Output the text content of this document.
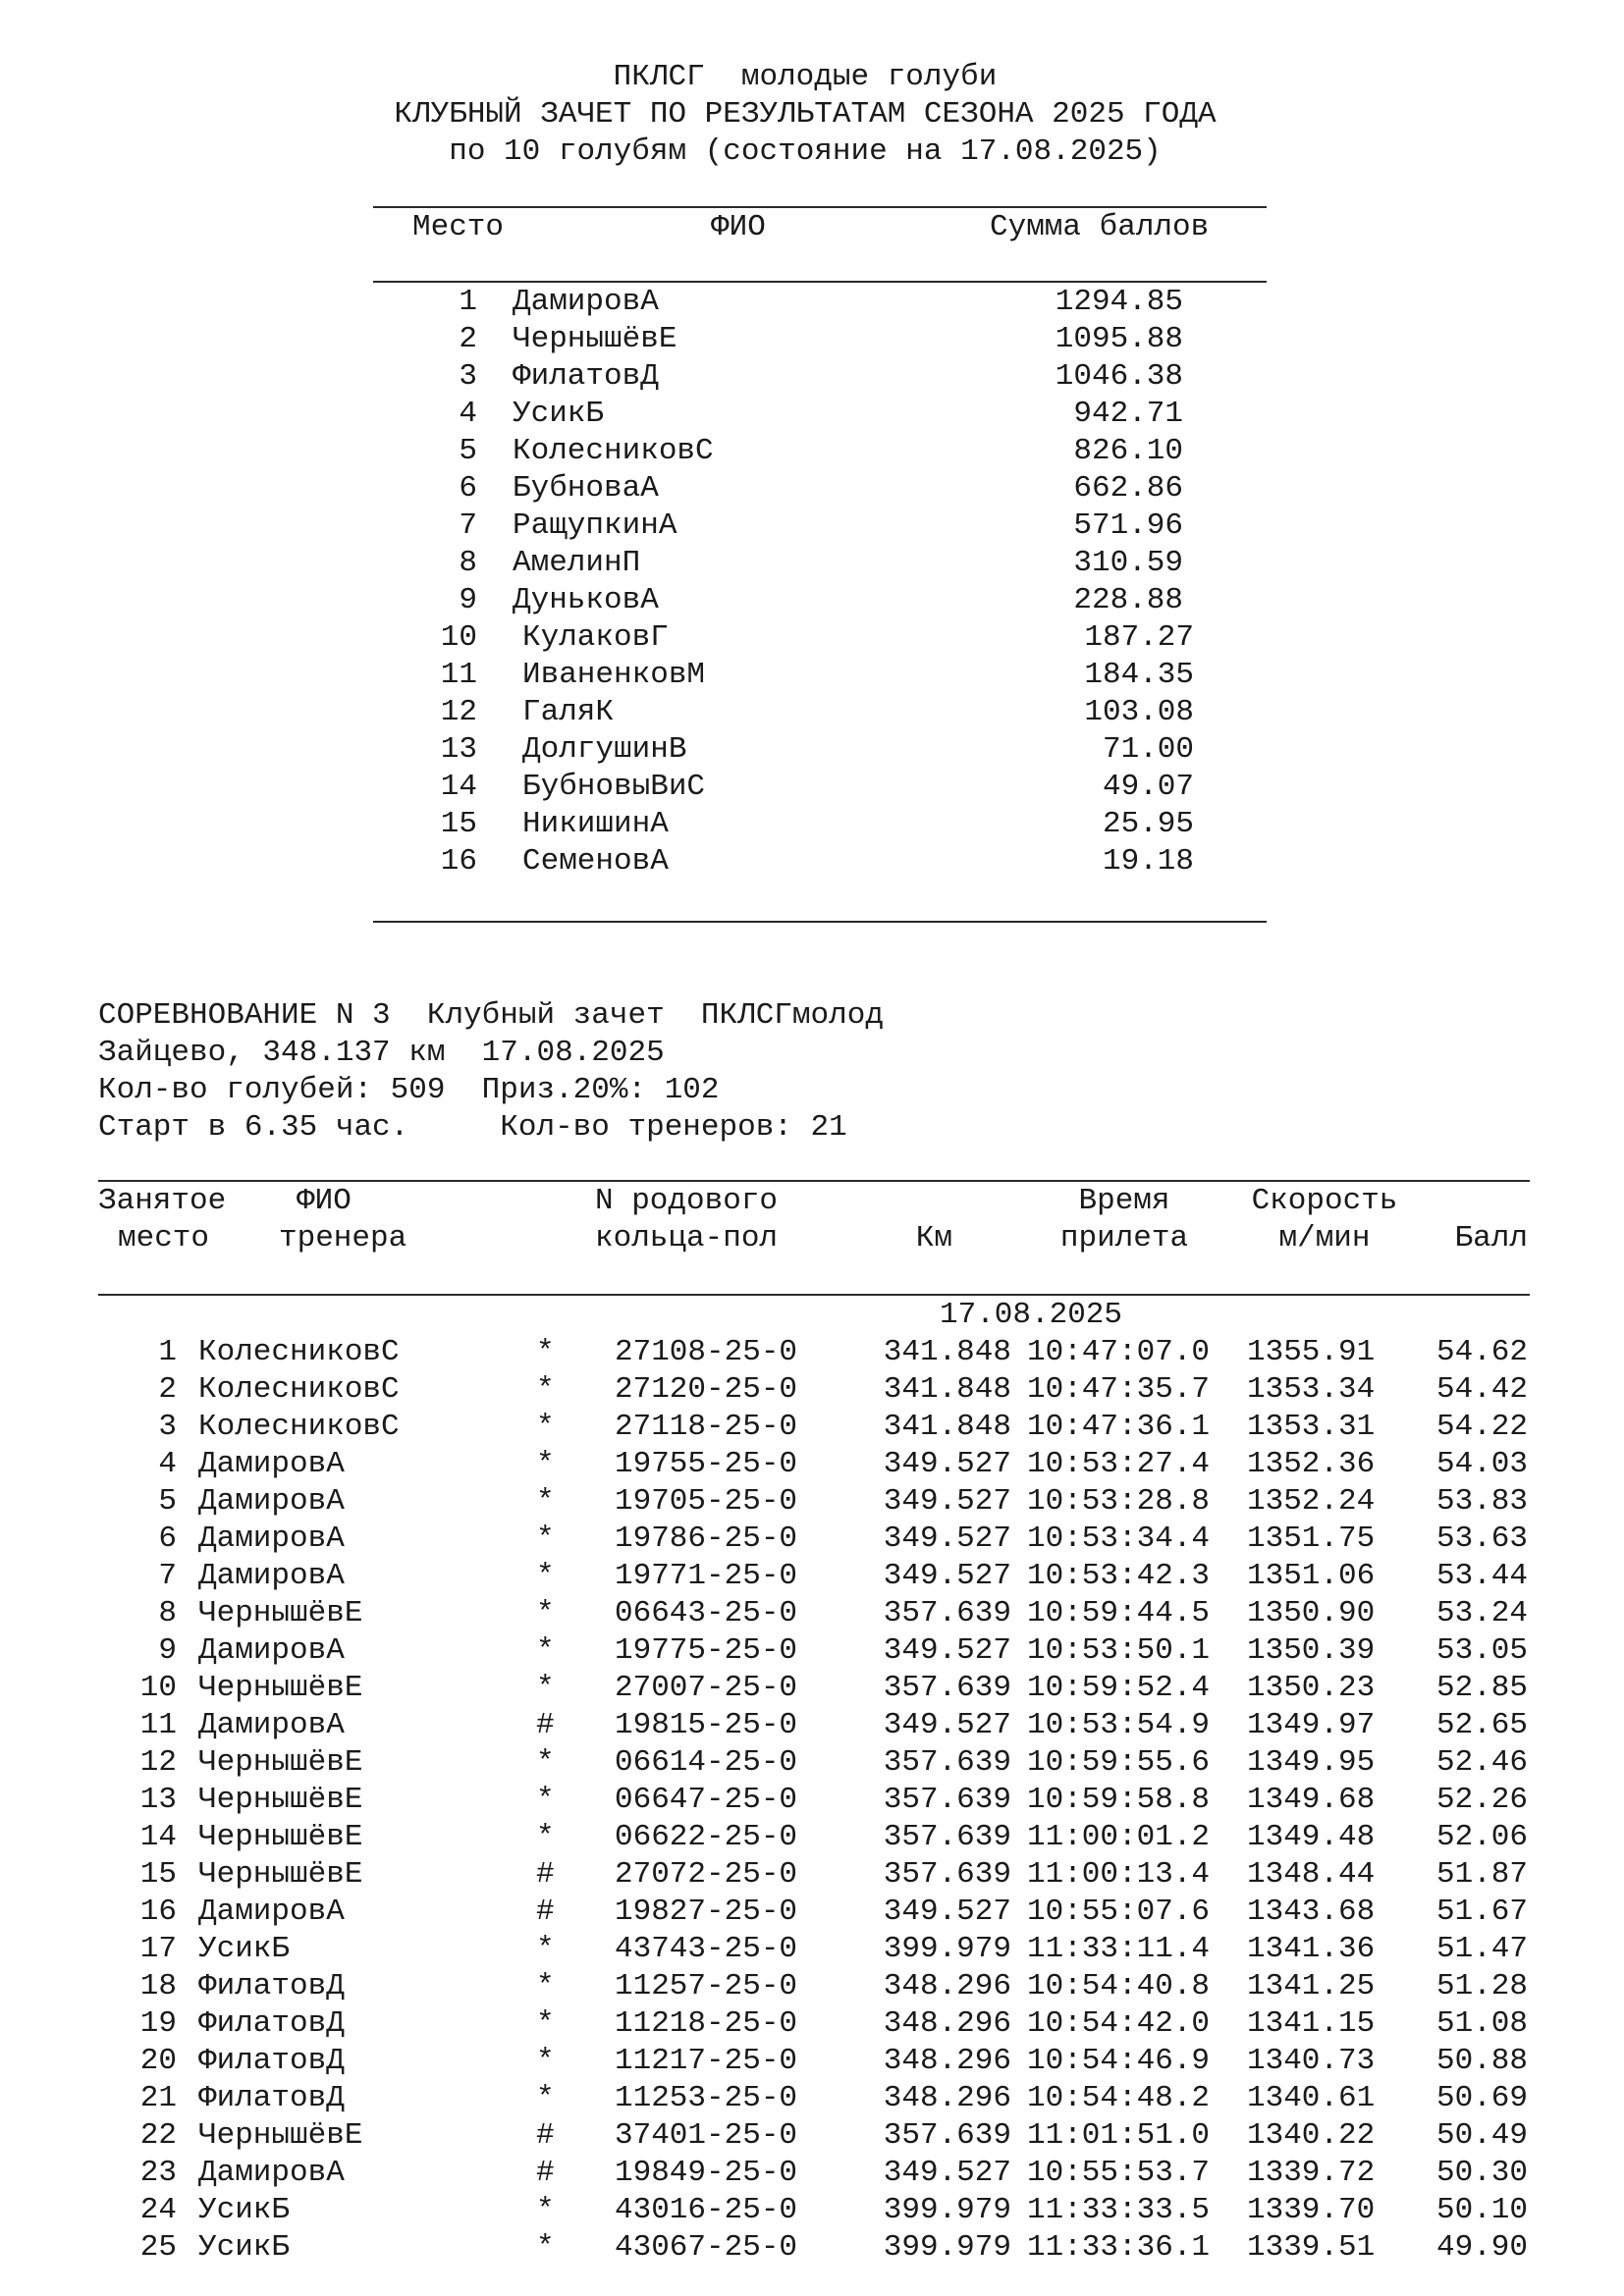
ПКЛСГ  молодые голуби
КЛУБНЫЙ ЗАЧЕТ ПО РЕЗУЛЬТАТАМ СЕЗОНА 2025 ГОДА
по 10 голубям (состояние на 17.08.2025)
Место	ФИО	Сумма баллов
1 ДамировА	1294.85
2 ЧернышёвЕ	1095.88
3 ФилатовД	1046.38
4 УсикБ	942.71
5 КолесниковС	826.10
6 БубноваА	662.86
7 РащупкинА	571.96
8 АмелинП	310.59
9 ДуньковА	228.88
10 КулаковГ	187.27
11 ИваненковМ	184.35
12 ГаляК	103.08
13 ДолгушинВ	71.00
14 БубновыВиС	49.07
15 НикишинА	25.95
16 СеменовА	19.18
СОРЕВНОВАНИЕ N 3  Клубный зачет  ПКЛСГмолод
Зайцево, 348.137 км  17.08.2025
Кол-во голубей: 509  Приз.20%: 102
Старт в 6.35 час.     Кол-во тренеров: 21
Занятое
место
ФИО
тренера
N родового
кольца-пол	Км
Время
прилета
Скорость
м/мин	Балл
17.08.2025
1 КолесниковС	* 27108-25-0	341.848 10:47:07.0 1355.91	54.62
2 КолесниковС	* 27120-25-0	341.848 10:47:35.7 1353.34	54.42
3 КолесниковС	* 27118-25-0	341.848 10:47:36.1 1353.31	54.22
4 ДамировА	* 19755-25-0	349.527 10:53:27.4 1352.36	54.03
5 ДамировА	* 19705-25-0	349.527 10:53:28.8 1352.24	53.83
6 ДамировА	* 19786-25-0	349.527 10:53:34.4 1351.75	53.63
7 ДамировА	* 19771-25-0	349.527 10:53:42.3 1351.06	53.44
8 ЧернышёвЕ	* 06643-25-0	357.639 10:59:44.5 1350.90	53.24
9 ДамировА	* 19775-25-0	349.527 10:53:50.1 1350.39	53.05
10 ЧернышёвЕ	* 27007-25-0	357.639 10:59:52.4 1350.23	52.85
11 ДамировА	# 19815-25-0	349.527 10:53:54.9 1349.97	52.65
12 ЧернышёвЕ	* 06614-25-0	357.639 10:59:55.6 1349.95	52.46
13 ЧернышёвЕ	* 06647-25-0	357.639 10:59:58.8 1349.68	52.26
14 ЧернышёвЕ	* 06622-25-0	357.639 11:00:01.2 1349.48	52.06
15 ЧернышёвЕ	# 27072-25-0	357.639 11:00:13.4 1348.44	51.87
16 ДамировА	# 19827-25-0	349.527 10:55:07.6 1343.68	51.67
17 УсикБ	* 43743-25-0	399.979 11:33:11.4 1341.36	51.47
18 ФилатовД	* 11257-25-0	348.296 10:54:40.8 1341.25	51.28
19 ФилатовД	* 11218-25-0	348.296 10:54:42.0 1341.15	51.08
20 ФилатовД	* 11217-25-0	348.296 10:54:46.9 1340.73	50.88
21 ФилатовД	* 11253-25-0	348.296 10:54:48.2 1340.61	50.69
22 ЧернышёвЕ	# 37401-25-0	357.639 11:01:51.0 1340.22	50.49
23 ДамировА	# 19849-25-0	349.527 10:55:53.7 1339.72	50.30
24 УсикБ	* 43016-25-0	399.979 11:33:33.5 1339.70	50.10
25 УсикБ	* 43067-25-0	399.979 11:33:36.1 1339.51	49.90
